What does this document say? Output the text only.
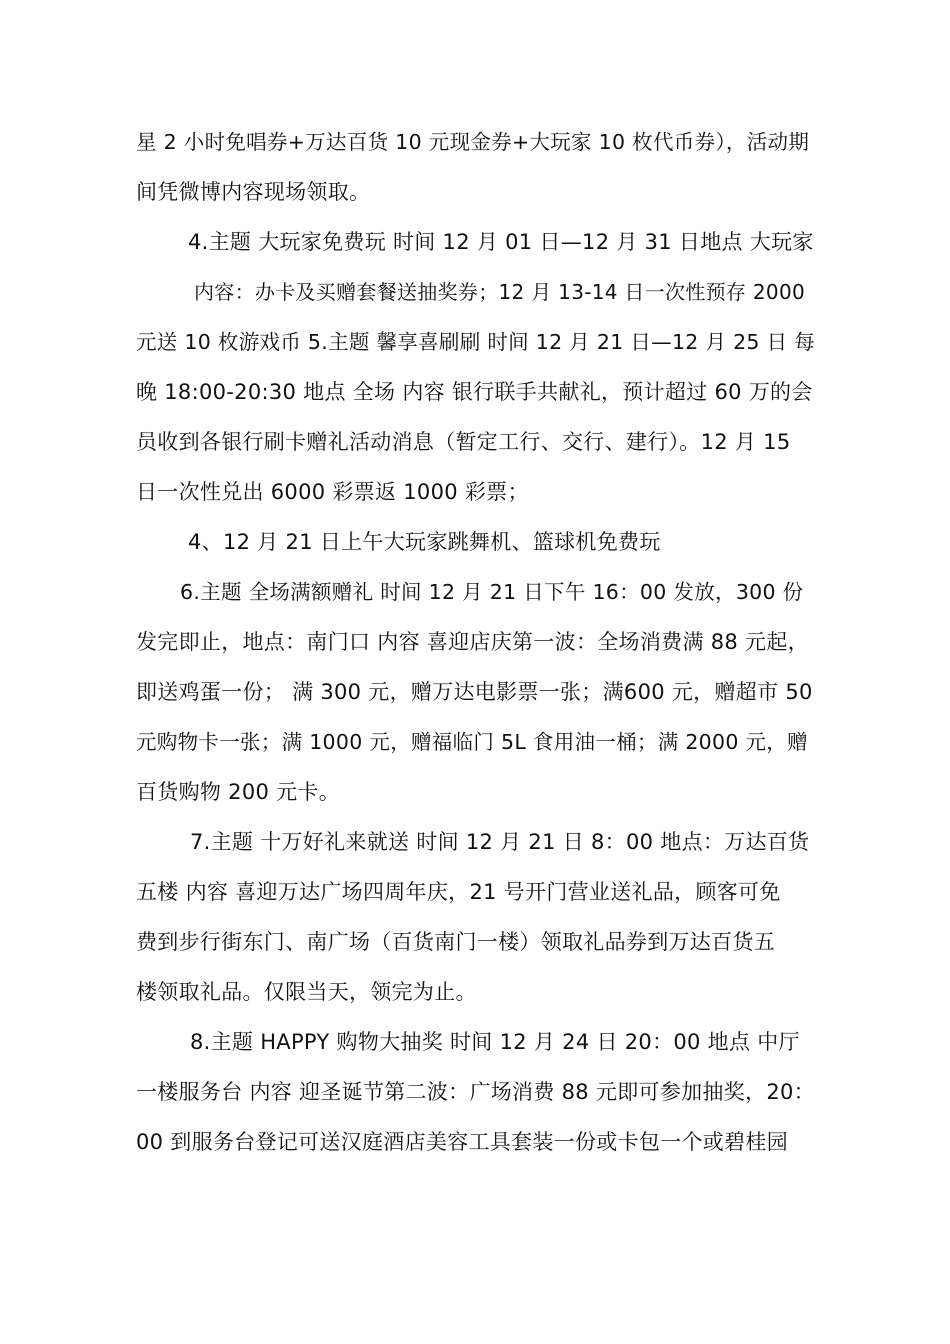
星 2 小时免唱券+万达百货 10 元现金券+大玩家 10 枚代币券），活动期
间凭微博内容现场领取。
4.主题 大玩家免费玩 时间 12 月 01 日—12 月 31 日地点 大玩家
内容：办卡及买赠套餐送抽奖券；12 月 13-14 日一次性预存 2000
元送 10 枚游戏币 5.主题 馨享喜刷刷 时间 12 月 21 日—12 月 25 日 每
晚 18:00-20:30 地点 全场 内容 银行联手共献礼，预计超过 60 万的会
员收到各银行刷卡赠礼活动消息（暂定工行、交行、建行）。12 月 15
日一次性兑出 6000 彩票返 1000 彩票；
4、12 月 21 日上午大玩家跳舞机、篮球机免费玩
6.主题 全场满额赠礼 时间 12 月 21 日下午 16：00 发放，300 份
发完即止，地点：南门口 内容 喜迎店庆第一波：全场消费满 88 元起，
即送鸡蛋一份； 满 300 元，赠万达电影票一张；满600 元，赠超市 50
元购物卡一张；满 1000 元，赠福临门 5L 食用油一桶；满 2000 元，赠
百货购物 200 元卡。
7.主题 十万好礼来就送 时间 12 月 21 日 8：00 地点：万达百货
五楼 内容 喜迎万达广场四周年庆，21 号开门营业送礼品，顾客可免
费到步行街东门、南广场（百货南门一楼）领取礼品券到万达百货五
楼领取礼品。仅限当天，领完为止。
8.主题 HAPPY 购物大抽奖 时间 12 月 24 日 20：00 地点 中厅
一楼服务台 内容 迎圣诞节第二波：广场消费 88 元即可参加抽奖，20：
00 到服务台登记可送汉庭酒店美容工具套装一份或卡包一个或碧桂园
